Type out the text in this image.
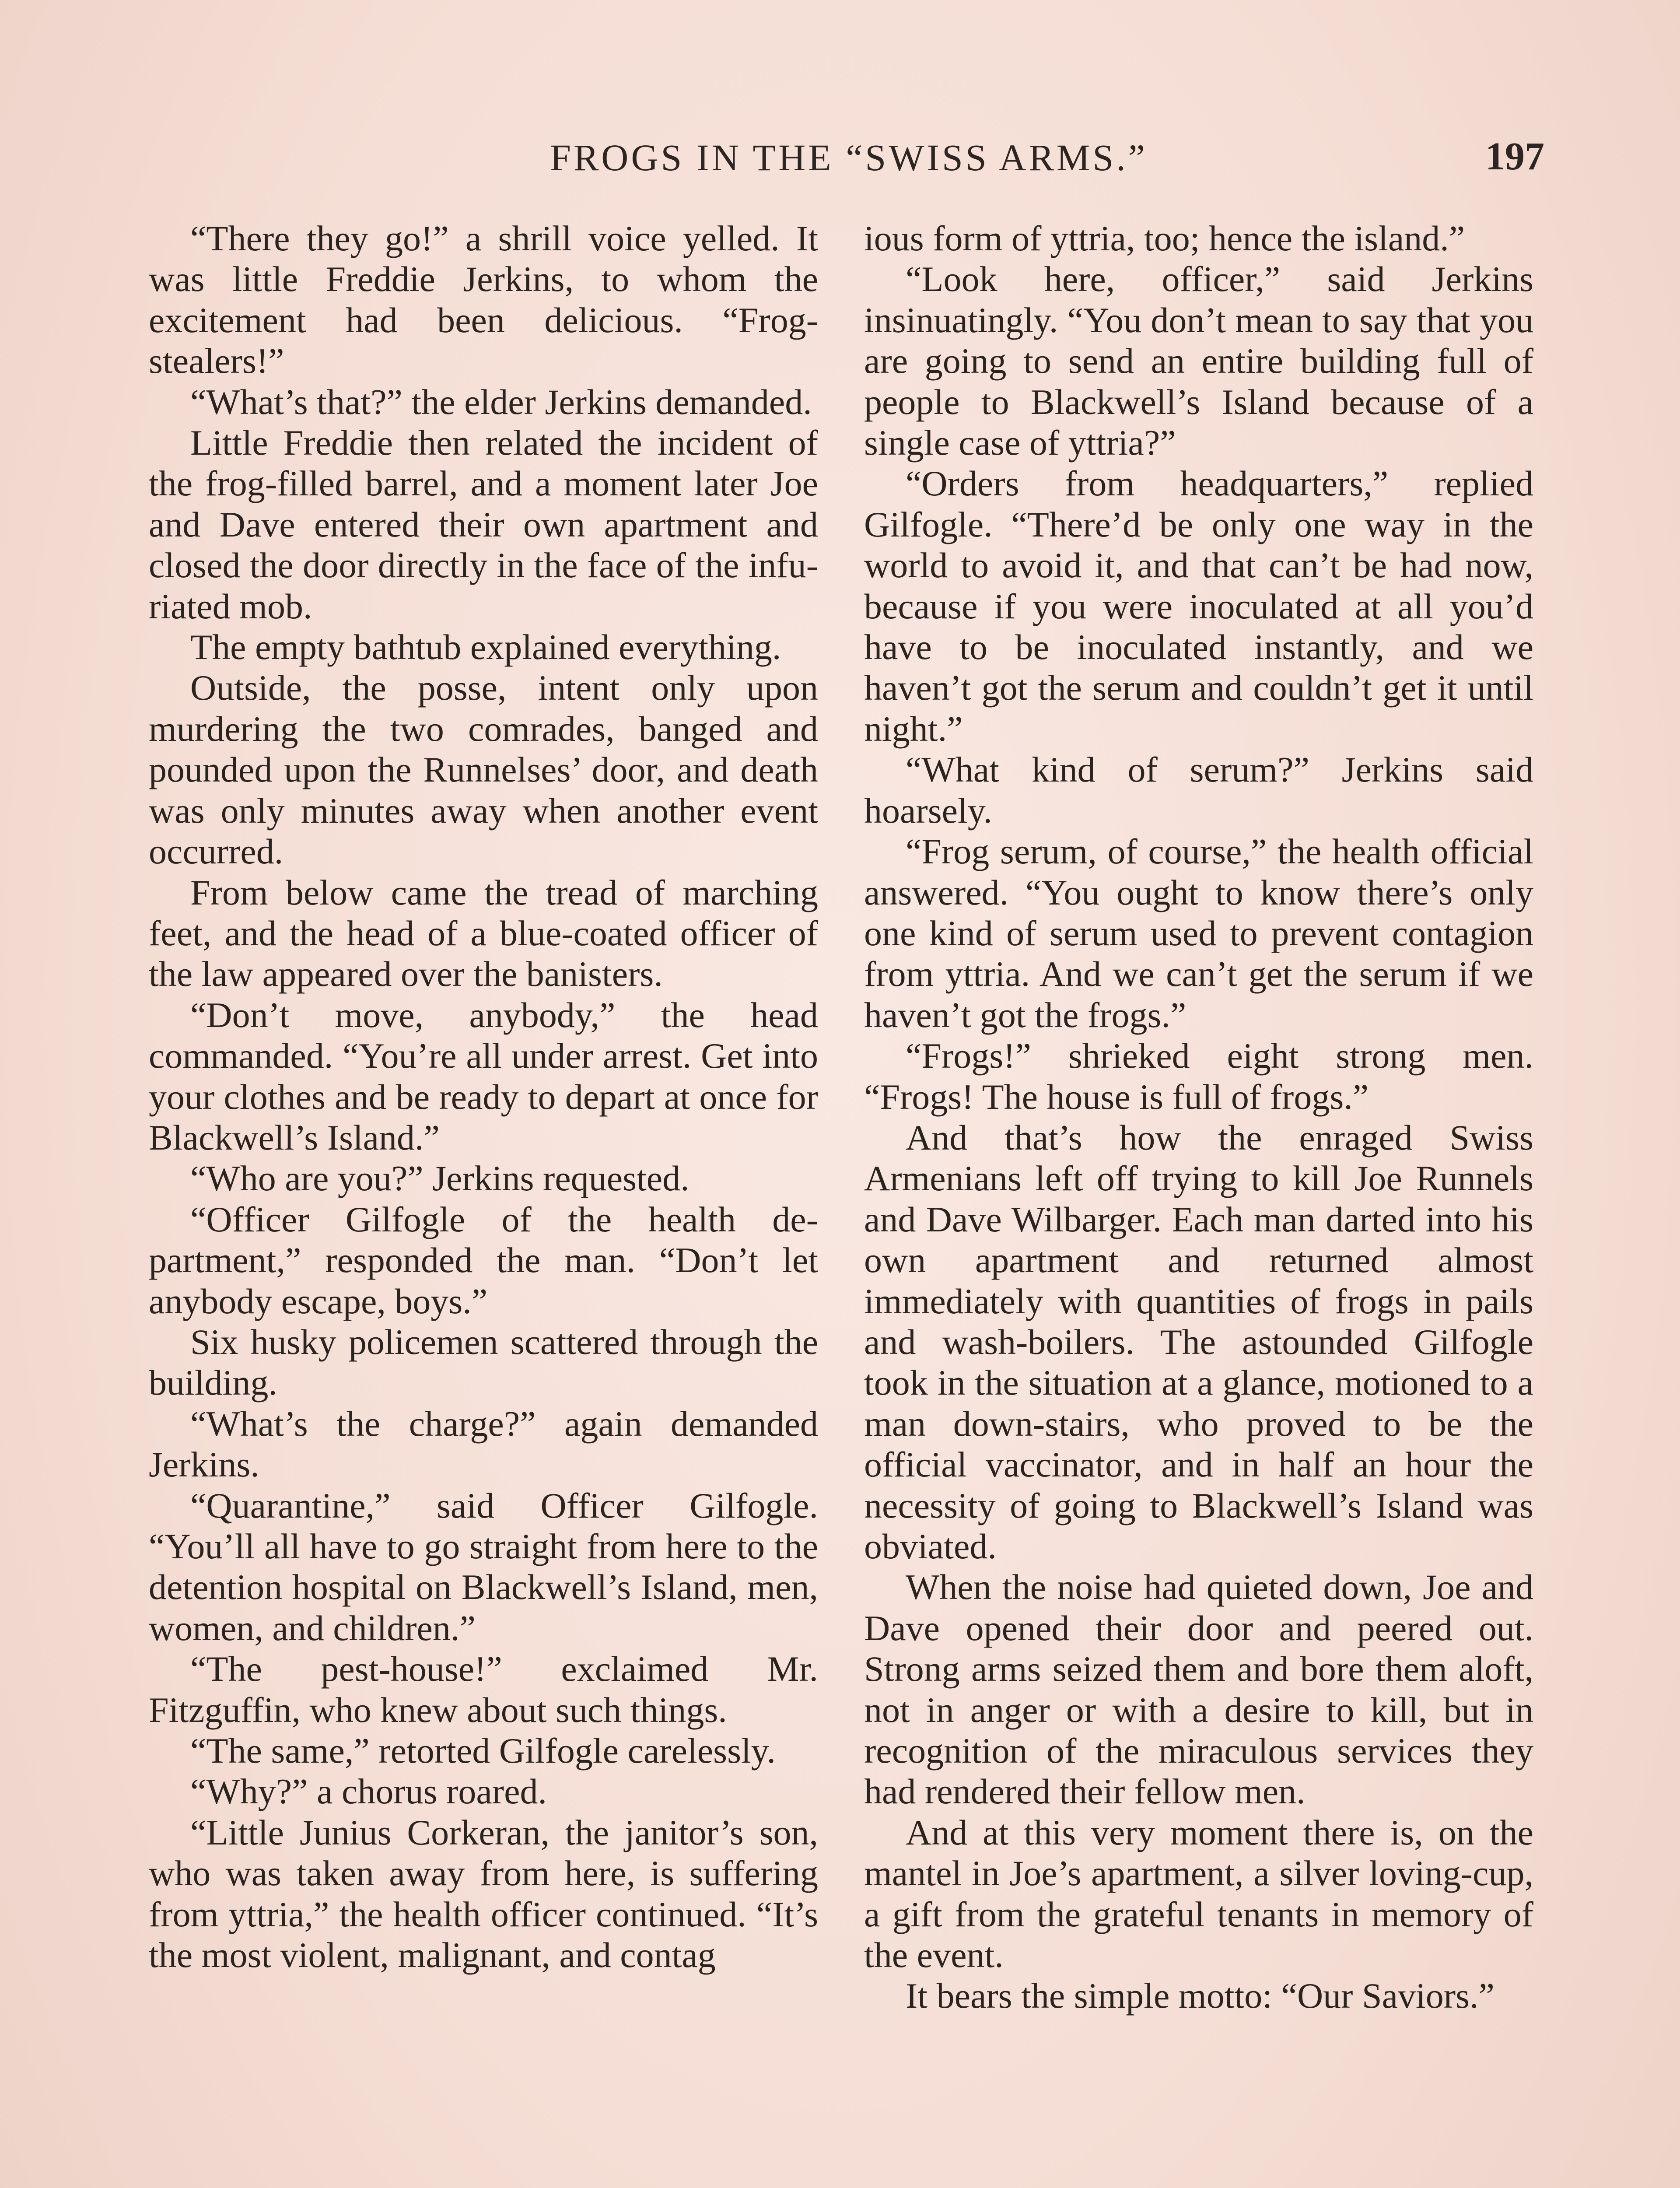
FROGS IN THE “SWISS ARMS.”	197

“There they go!” a shrill voice yelled. It was little Freddie Jerkins, to whom the excitement had been delicious. “Frog-stealers!”

“What’s that?” the elder Jerkins demanded.

Little Freddie then related the incident of the frog-filled barrel, and a moment later Joe and Dave entered their own apartment and closed the door directly in the face of the infuriated mob.

The empty bathtub explained everything.

Outside, the posse, intent only upon murdering the two comrades, banged and pounded upon the Runnelses’ door, and death was only minutes away when another event occurred.

From below came the tread of marching feet, and the head of a blue-coated officer of the law appeared over the banisters.

“Don’t move, anybody,” the head commanded. “You’re all under arrest. Get into your clothes and be ready to depart at once for Blackwell’s Island.”

“Who are you?” Jerkins requested.

“Officer Gilfogle of the health department,” responded the man. “Don’t let anybody escape, boys.”

Six husky policemen scattered through the building.

“What’s the charge?” again demanded Jerkins.

“Quarantine,” said Officer Gilfogle. “You’ll all have to go straight from here to the detention hospital on Blackwell’s Island, men, women, and children.”

“The pest-house!” exclaimed Mr. Fitzguffin, who knew about such things.

“The same,” retorted Gilfogle carelessly.

“Why?” a chorus roared.

“Little Junius Corkeran, the janitor’s son, who was taken away from here, is suffering from yttria,” the health officer continued. “It’s the most violent, malignant, and contag

ious form of yttria, too; hence the island.”

“Look here, officer,” said Jerkins insinuatingly. “You don’t mean to say that you are going to send an entire building full of people to Blackwell’s Island because of a single case of yttria?”

“Orders from headquarters,” replied Gilfogle. “There’d be only one way in the world to avoid it, and that can’t be had now, because if you were inoculated at all you’d have to be inoculated instantly, and we haven’t got the serum and couldn’t get it until night.”

“What kind of serum?” Jerkins said hoarsely.

“Frog serum, of course,” the health official answered. “You ought to know there’s only one kind of serum used to prevent contagion from yttria. And we can’t get the serum if we haven’t got the frogs.”

“Frogs!” shrieked eight strong men. “Frogs! The house is full of frogs.”

And that’s how the enraged Swiss Armenians left off trying to kill Joe Runnels and Dave Wilbarger. Each man darted into his own apartment and returned almost immediately with quantities of frogs in pails and wash-boilers. The astounded Gilfogle took in the situation at a glance, motioned to a man down-stairs, who proved to be the official vaccinator, and in half an hour the necessity of going to Blackwell’s Island was obviated.

When the noise had quieted down, Joe and Dave opened their door and peered out. Strong arms seized them and bore them aloft, not in anger or with a desire to kill, but in recognition of the miraculous services they had rendered their fellow men.

And at this very moment there is, on the mantel in Joe’s apartment, a silver loving-cup, a gift from the grateful tenants in memory of the event.

It bears the simple motto: “Our Saviors.”
